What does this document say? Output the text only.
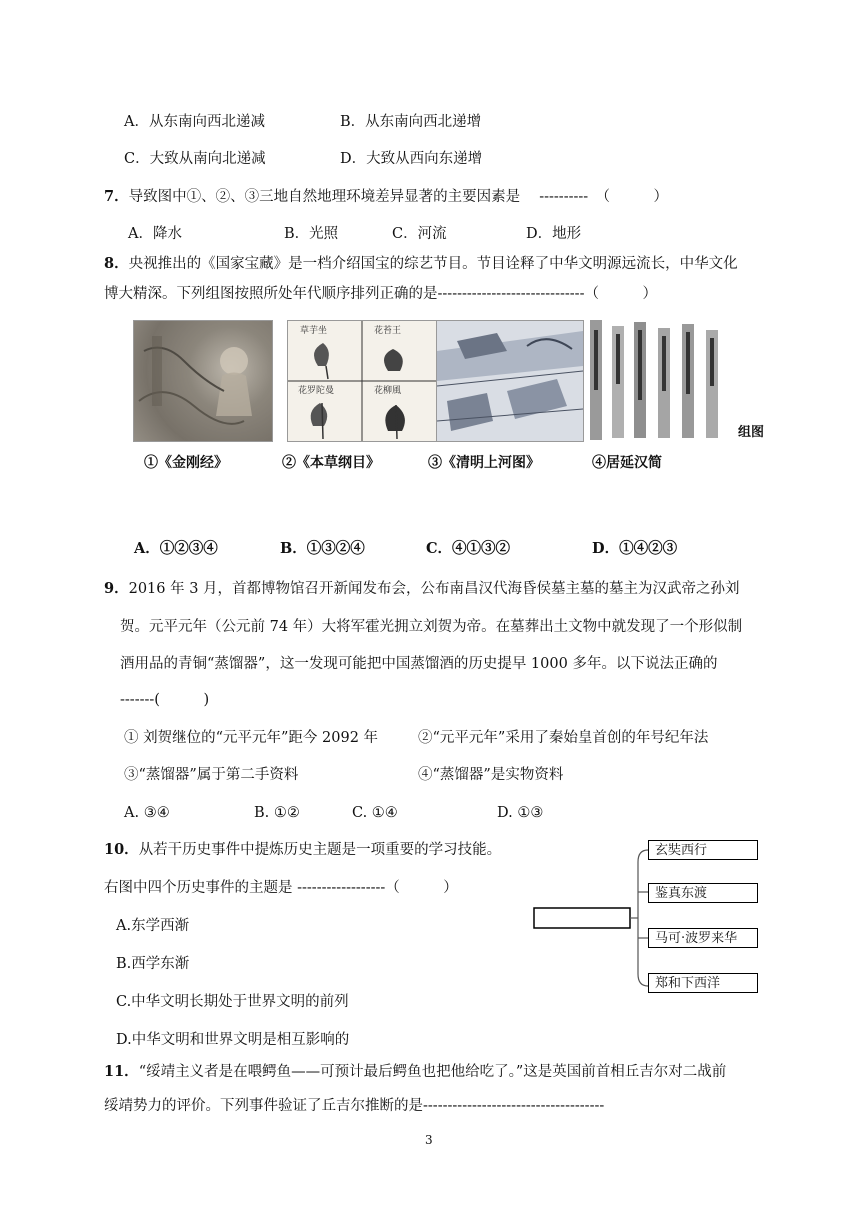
A．从东南向西北递减	B．从东南向西北递增
C．大致从南向北递减	D．大致从西向东递增
7．导致图中①、②、③三地自然地理环境差异显著的主要因素是　 ----------　（　　　）
A．降水	B．光照	C．河流	D．地形
8．央视推出的《国家宝藏》是一档介绍国宝的综艺节目。节目诠释了中华文明源远流长，中华文化
博大精深。下列组图按照所处年代顺序排列正确的是------------------------------（　　　）
草芋坐	花苔王
花罗陀曼	花柳風
组图
①《金刚经》	②《本草纲目》	③《清明上河图》	④居延汉简
A．①②③④	B．①③②④	C．④①③②	D．①④②③
9．2016 年 3 月，首都博物馆召开新闻发布会，公布南昌汉代海昏侯墓主墓的墓主为汉武帝之孙刘
贺。元平元年（公元前 74 年）大将军霍光拥立刘贺为帝。在墓葬出土文物中就发现了一个形似制
酒用品的青铜“蒸馏器”，这一发现可能把中国蒸馏酒的历史提早 1000 多年。以下说法正确的
-------(　　　)
① 刘贺继位的“元平元年”距今 2092 年	②“元平元年”采用了秦始皇首创的年号纪年法
③“蒸馏器”属于第二手资料	④“蒸馏器”是实物资料
A. ③④	B. ①②	C. ①④	D. ①③
10．从若干历史事件中提炼历史主题是一项重要的学习技能。
右图中四个历史事件的主题是 ------------------（　　　）
A.东学西渐
B.西学东渐
C.中华文明长期处于世界文明的前列
D.中华文明和世界文明是相互影响的
玄奘西行
鉴真东渡
马可·波罗来华
郑和下西洋
11．“绥靖主义者是在喂鳄鱼——可预计最后鳄鱼也把他给吃了。”这是英国前首相丘吉尔对二战前
绥靖势力的评价。下列事件验证了丘吉尔推断的是-------------------------------------
3
